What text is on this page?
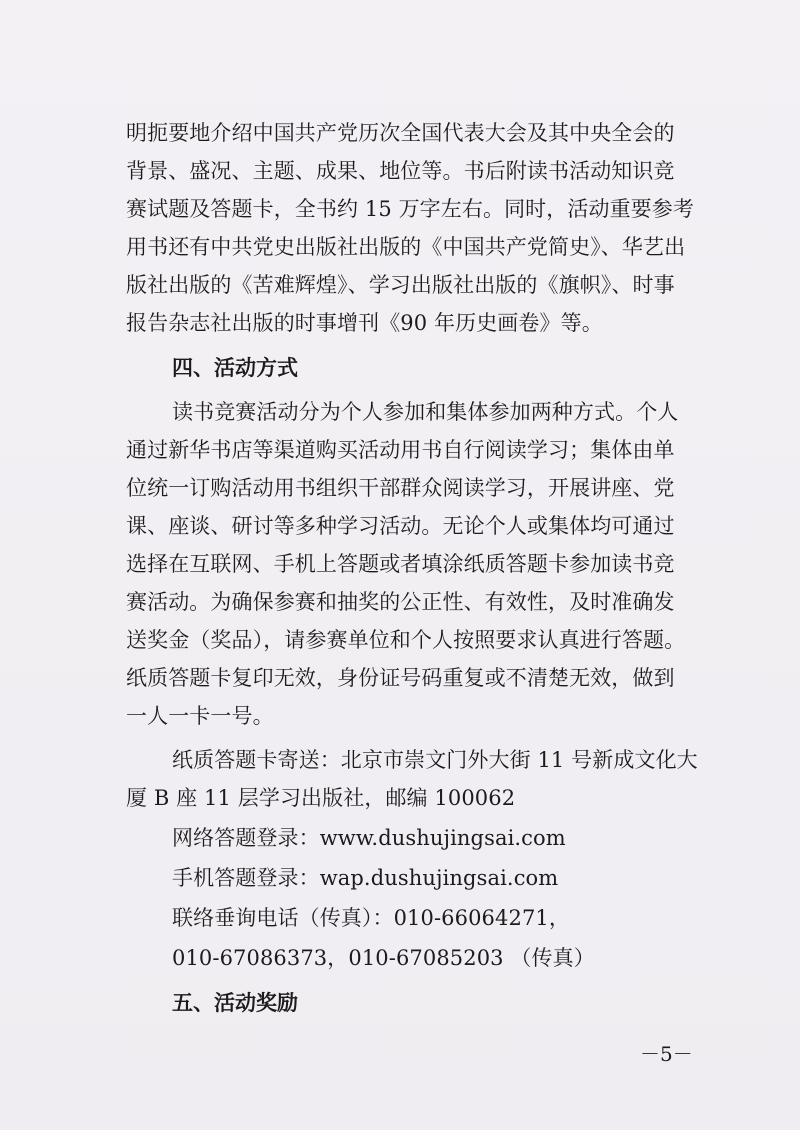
明扼要地介绍中国共产党历次全国代表大会及其中央全会的
背景、盛况、主题、成果、地位等。书后附读书活动知识竞
赛试题及答题卡，全书约 15 万字左右。同时，活动重要参考
用书还有中共党史出版社出版的《中国共产党简史》、华艺出
版社出版的《苦难辉煌》、学习出版社出版的《旗帜》、时事
报告杂志社出版的时事增刊《90 年历史画卷》等。
四、活动方式
读书竞赛活动分为个人参加和集体参加两种方式。个人
通过新华书店等渠道购买活动用书自行阅读学习；集体由单
位统一订购活动用书组织干部群众阅读学习，开展讲座、党
课、座谈、研讨等多种学习活动。无论个人或集体均可通过
选择在互联网、手机上答题或者填涂纸质答题卡参加读书竞
赛活动。为确保参赛和抽奖的公正性、有效性，及时准确发
送奖金（奖品），请参赛单位和个人按照要求认真进行答题。
纸质答题卡复印无效，身份证号码重复或不清楚无效，做到
一人一卡一号。
纸质答题卡寄送：北京市崇文门外大街 11 号新成文化大
厦 B 座 11 层学习出版社，邮编 100062
网络答题登录：www.dushujingsai.com
手机答题登录：wap.dushujingsai.com
联络垂询电话（传真）：010-66064271，
010-67086373，010-67085203 （传真）
五、活动奖励
－5－
